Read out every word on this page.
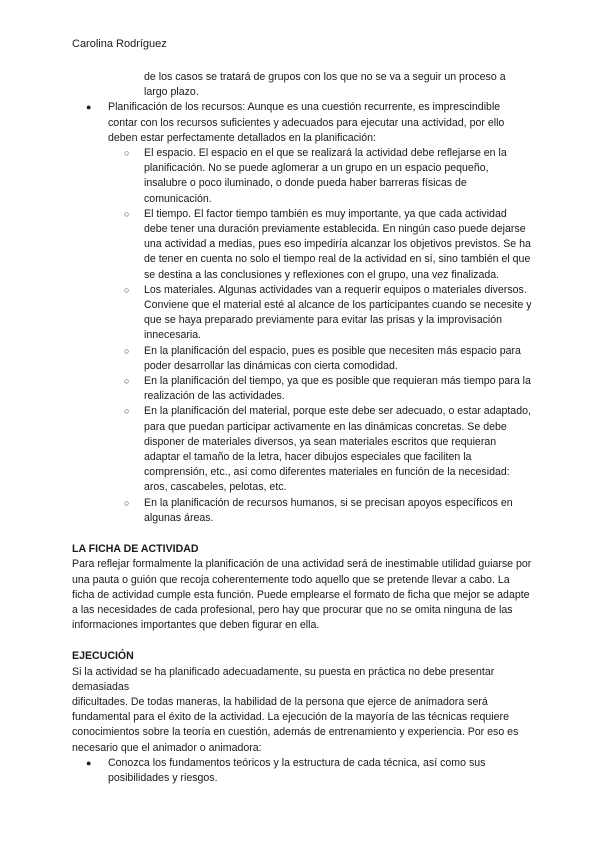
Carolina Rodríguez

de los casos se tratará de grupos con los que no se va a seguir un proceso a largo plazo.

● Planificación de los recursos: Aunque es una cuestión recurrente, es imprescindible contar con los recursos suficientes y adecuados para ejecutar una actividad, por ello deben estar perfectamente detallados en la planificación:

○ El espacio. El espacio en el que se realizará la actividad debe reflejarse en la planificación. No se puede aglomerar a un grupo en un espacio pequeño, insalubre o poco iluminado, o donde pueda haber barreras físicas de comunicación.

○ El tiempo. El factor tiempo también es muy importante, ya que cada actividad debe tener una duración previamente establecida. En ningún caso puede dejarse una actividad a medias, pues eso impediría alcanzar los objetivos previstos. Se ha de tener en cuenta no solo el tiempo real de la actividad en sí, sino también el que se destina a las conclusiones y reflexiones con el grupo, una vez finalizada.

○ Los materiales. Algunas actividades van a requerir equipos o materiales diversos. Conviene que el material esté al alcance de los participantes cuando se necesite y que se haya preparado previamente para evitar las prisas y la improvisación innecesaria.

○ En la planificación del espacio, pues es posible que necesiten más espacio para poder desarrollar las dinámicas con cierta comodidad.

○ En la planificación del tiempo, ya que es posible que requieran más tiempo para la realización de las actividades.

○ En la planificación del material, porque este debe ser adecuado, o estar adaptado, para que puedan participar activamente en las dinámicas concretas. Se debe disponer de materiales diversos, ya sean materiales escritos que requieran adaptar el tamaño de la letra, hacer dibujos especiales que faciliten la comprensión, etc., así como diferentes materiales en función de la necesidad: aros, cascabeles, pelotas, etc.

○ En la planificación de recursos humanos, si se precisan apoyos específicos en algunas áreas.

LA FICHA DE ACTIVIDAD

Para reflejar formalmente la planificación de una actividad será de inestimable utilidad guiarse por una pauta o guión que recoja coherentemente todo aquello que se pretende llevar a cabo. La ficha de actividad cumple esta función. Puede emplearse el formato de ficha que mejor se adapte a las necesidades de cada profesional, pero hay que procurar que no se omita ninguna de las informaciones importantes que deben figurar en ella.

EJECUCIÓN

Si la actividad se ha planificado adecuadamente, su puesta en práctica no debe presentar demasiadas

dificultades. De todas maneras, la habilidad de la persona que ejerce de animadora será fundamental para el éxito de la actividad. La ejecución de la mayoría de las técnicas requiere conocimientos sobre la teoría en cuestión, además de entrenamiento y experiencia. Por eso es necesario que el animador o animadora:

● Conozca los fundamentos teóricos y la estructura de cada técnica, así como sus posibilidades y riesgos.
